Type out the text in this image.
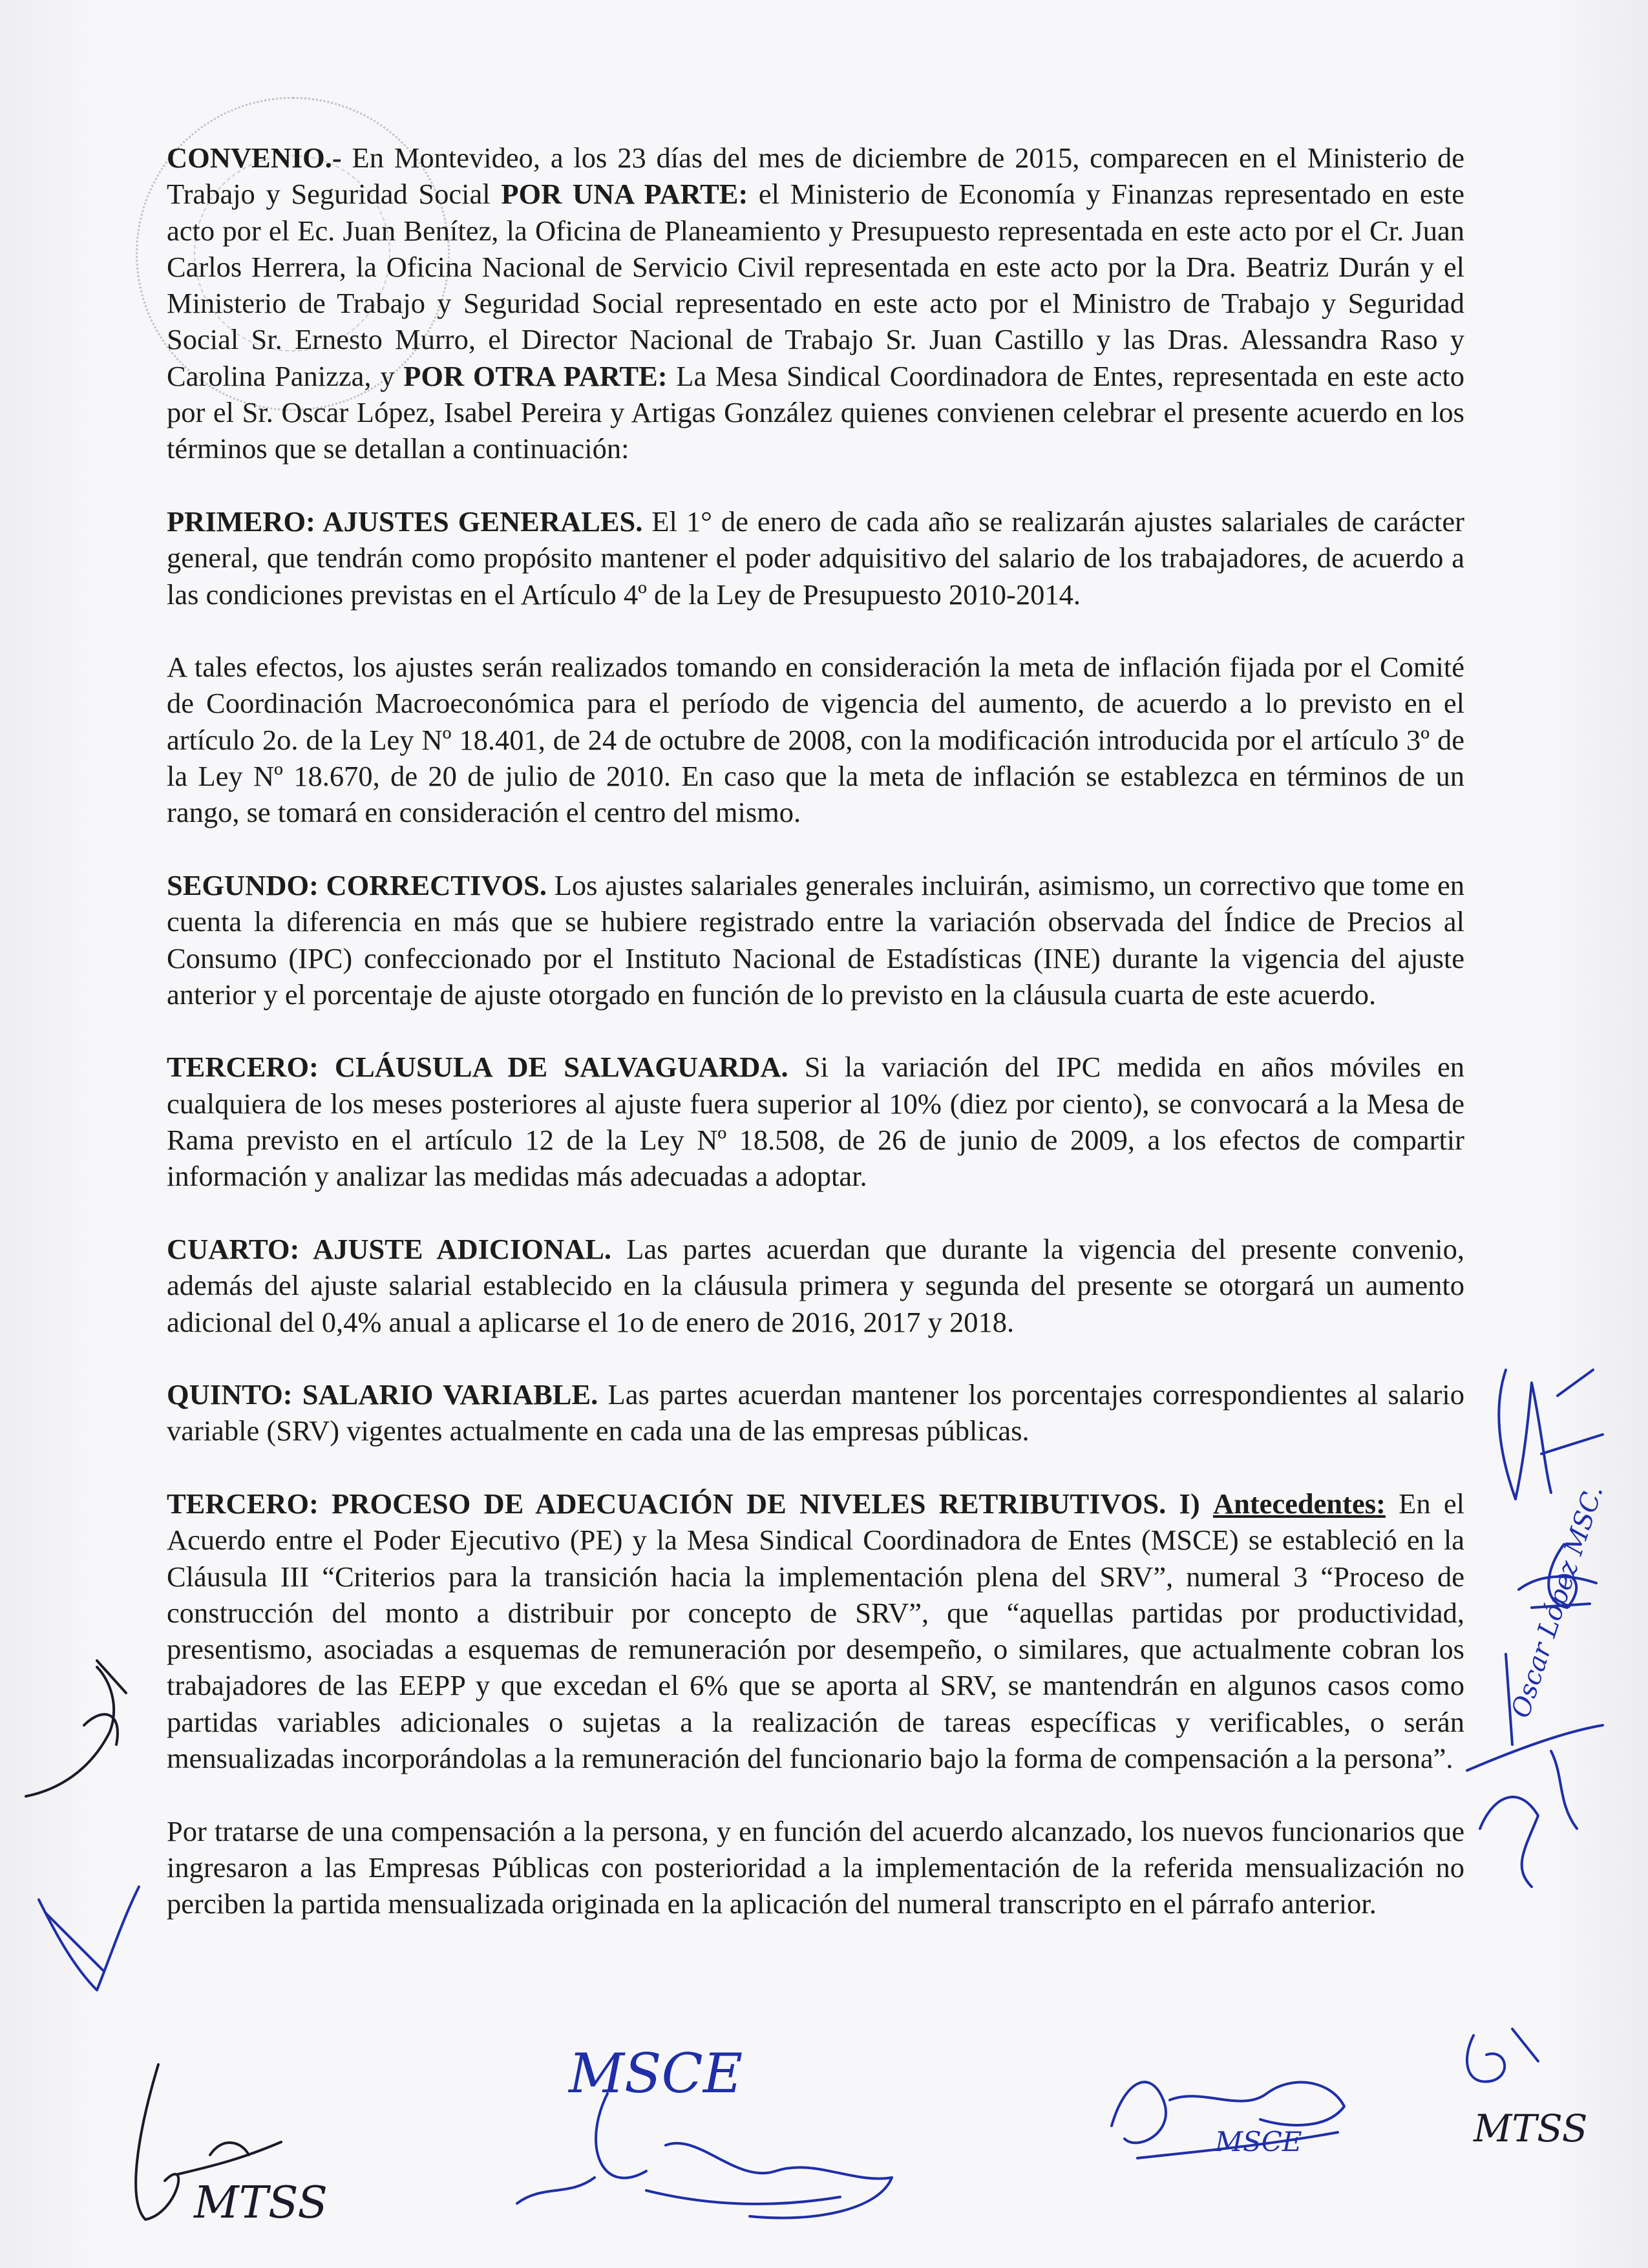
CONVENIO.- En Montevideo, a los 23 días del mes de diciembre de 2015, comparecen en el Ministerio de Trabajo y Seguridad Social POR UNA PARTE: el Ministerio de Economía y Finanzas representado en este acto por el Ec. Juan Benítez, la Oficina de Planeamiento y Presupuesto representada en este acto por el Cr. Juan Carlos Herrera, la Oficina Nacional de Servicio Civil representada en este acto por la Dra. Beatriz Durán y el Ministerio de Trabajo y Seguridad Social representado en este acto por el Ministro de Trabajo y Seguridad Social Sr. Ernesto Murro, el Director Nacional de Trabajo Sr. Juan Castillo y las Dras. Alessandra Raso y Carolina Panizza, y POR OTRA PARTE: La Mesa Sindical Coordinadora de Entes, representada en este acto por el Sr. Oscar López, Isabel Pereira y Artigas González quienes convienen celebrar el presente acuerdo en los términos que se detallan a continuación:

PRIMERO: AJUSTES GENERALES. El 1° de enero de cada año se realizarán ajustes salariales de carácter general, que tendrán como propósito mantener el poder adquisitivo del salario de los trabajadores, de acuerdo a las condiciones previstas en el Artículo 4º de la Ley de Presupuesto 2010-2014.

A tales efectos, los ajustes serán realizados tomando en consideración la meta de inflación fijada por el Comité de Coordinación Macroeconómica para el período de vigencia del aumento, de acuerdo a lo previsto en el artículo 2o. de la Ley Nº 18.401, de 24 de octubre de 2008, con la modificación introducida por el artículo 3º de la Ley Nº 18.670, de 20 de julio de 2010. En caso que la meta de inflación se establezca en términos de un rango, se tomará en consideración el centro del mismo.

SEGUNDO: CORRECTIVOS. Los ajustes salariales generales incluirán, asimismo, un correctivo que tome en cuenta la diferencia en más que se hubiere registrado entre la variación observada del Índice de Precios al Consumo (IPC) confeccionado por el Instituto Nacional de Estadísticas (INE) durante la vigencia del ajuste anterior y el porcentaje de ajuste otorgado en función de lo previsto en la cláusula cuarta de este acuerdo.

TERCERO: CLÁUSULA DE SALVAGUARDA. Si la variación del IPC medida en años móviles en cualquiera de los meses posteriores al ajuste fuera superior al 10% (diez por ciento), se convocará a la Mesa de Rama previsto en el artículo 12 de la Ley Nº 18.508, de 26 de junio de 2009, a los efectos de compartir información y analizar las medidas más adecuadas a adoptar.

CUARTO: AJUSTE ADICIONAL. Las partes acuerdan que durante la vigencia del presente convenio, además del ajuste salarial establecido en la cláusula primera y segunda del presente se otorgará un aumento adicional del 0,4% anual a aplicarse el 1o de enero de 2016, 2017 y 2018.

QUINTO: SALARIO VARIABLE. Las partes acuerdan mantener los porcentajes correspondientes al salario variable (SRV) vigentes actualmente en cada una de las empresas públicas.

TERCERO: PROCESO DE ADECUACIÓN DE NIVELES RETRIBUTIVOS. I) Antecedentes: En el Acuerdo entre el Poder Ejecutivo (PE) y la Mesa Sindical Coordinadora de Entes (MSCE) se estableció en la Cláusula III “Criterios para la transición hacia la implementación plena del SRV”, numeral 3 “Proceso de construcción del monto a distribuir por concepto de SRV”, que “aquellas partidas por productividad, presentismo, asociadas a esquemas de remuneración por desempeño, o similares, que actualmente cobran los trabajadores de las EEPP y que excedan el 6% que se aporta al SRV, se mantendrán en algunos casos como partidas variables adicionales o sujetas a la realización de tareas específicas y verificables, o serán mensualizadas incorporándolas a la remuneración del funcionario bajo la forma de compensación a la persona”.

Por tratarse de una compensación a la persona, y en función del acuerdo alcanzado, los nuevos funcionarios que ingresaron a las Empresas Públicas con posterioridad a la implementación de la referida mensualización no perciben la partida mensualizada originada en la aplicación del numeral transcripto en el párrafo anterior.

Oscar López MSC.
MTSS
MSCE
MSCE	MTSS
